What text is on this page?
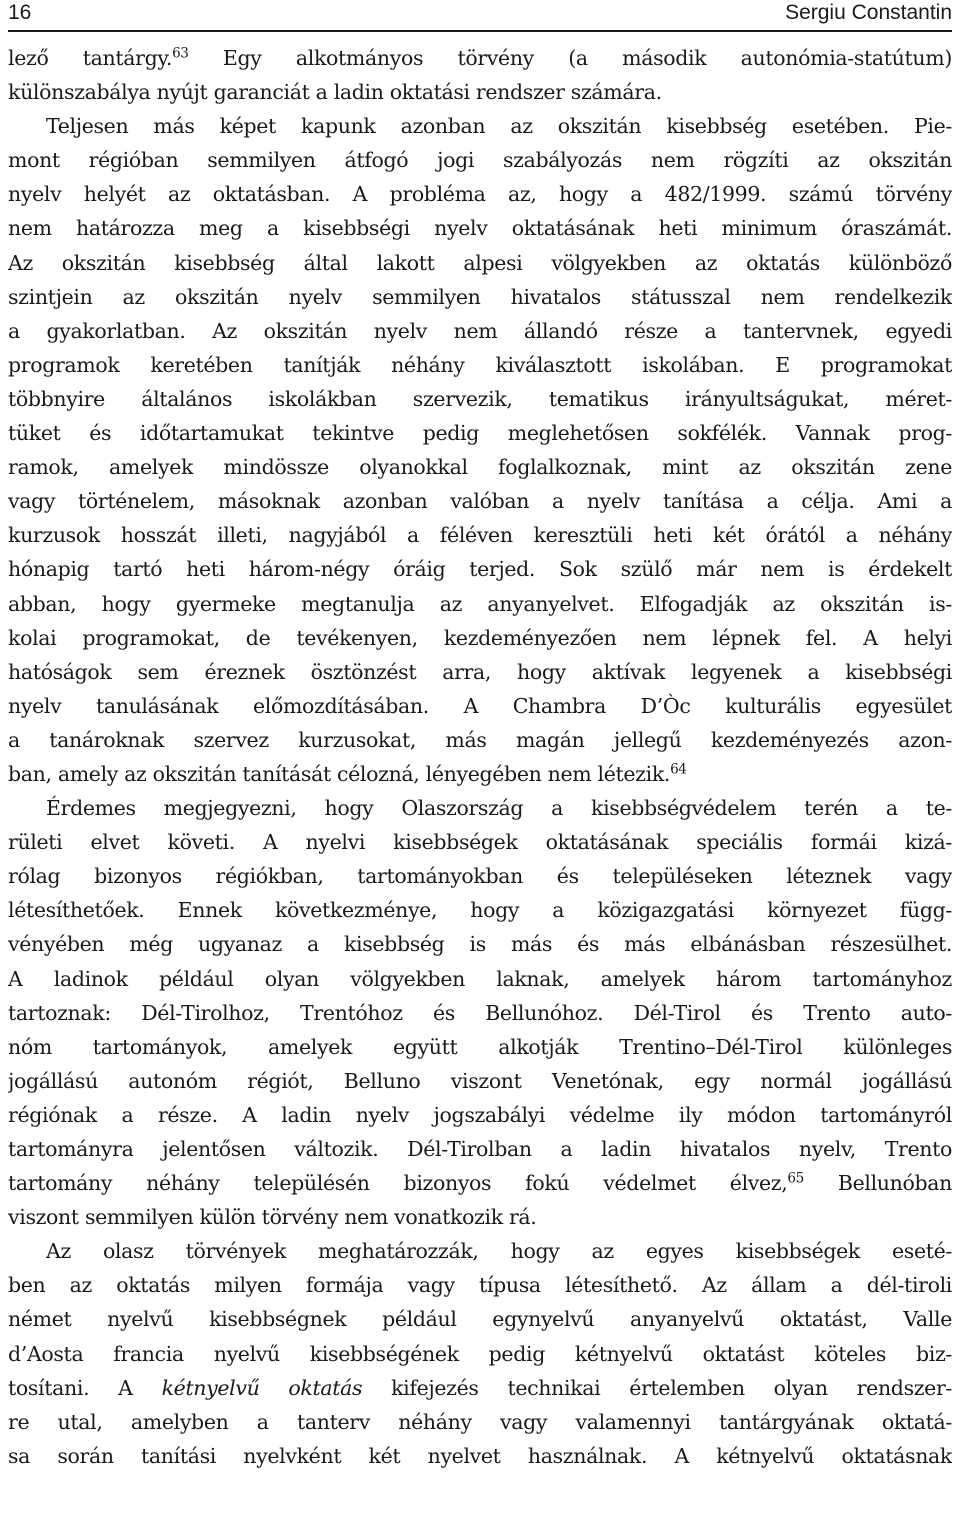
16	Sergiu Constantin
lező tantárgy.$^{63}$ Egy alkotmányos törvény (a második autonómia-statútum)
különszabálya nyújt garanciát a ladin oktatási rendszer számára.
Teljesen más képet kapunk azonban az okszitán kisebbség esetében. Pie-
mont régióban semmilyen átfogó jogi szabályozás nem rögzíti az okszitán
nyelv helyét az oktatásban. A probléma az, hogy a 482/1999. számú törvény
nem határozza meg a kisebbségi nyelv oktatásának heti minimum óraszámát.
Az okszitán kisebbség által lakott alpesi völgyekben az oktatás különböző
szintjein az okszitán nyelv semmilyen hivatalos státusszal nem rendelkezik
a gyakorlatban. Az okszitán nyelv nem állandó része a tantervnek, egyedi
programok keretében tanítják néhány kiválasztott iskolában. E programokat
többnyire általános iskolákban szervezik, tematikus irányultságukat, méret-
tüket és időtartamukat tekintve pedig meglehetősen sokfélék. Vannak prog-
ramok, amelyek mindössze olyanokkal foglalkoznak, mint az okszitán zene
vagy történelem, másoknak azonban valóban a nyelv tanítása a célja. Ami a
kurzusok hosszát illeti, nagyjából a féléven keresztüli heti két órától a néhány
hónapig tartó heti három-négy óráig terjed. Sok szülő már nem is érdekelt
abban, hogy gyermeke megtanulja az anyanyelvet. Elfogadják az okszitán is-
kolai programokat, de tevékenyen, kezdeményezően nem lépnek fel. A helyi
hatóságok sem éreznek ösztönzést arra, hogy aktívak legyenek a kisebbségi
nyelv tanulásának előmozdításában. A Chambra D’Òc kulturális egyesület
a tanároknak szervez kurzusokat, más magán jellegű kezdeményezés azon-
ban, amely az okszitán tanítását célozná, lényegében nem létezik.$^{64}$
Érdemes megjegyezni, hogy Olaszország a kisebbségvédelem terén a te-
rületi elvet követi. A nyelvi kisebbségek oktatásának speciális formái kizá-
rólag bizonyos régiókban, tartományokban és településeken léteznek vagy
létesíthetőek. Ennek következménye, hogy a közigazgatási környezet függ-
vényében még ugyanaz a kisebbség is más és más elbánásban részesülhet.
A ladinok például olyan völgyekben laknak, amelyek három tartományhoz
tartoznak: Dél-Tirolhoz, Trentóhoz és Bellunóhoz. Dél-Tirol és Trento auto-
nóm tartományok, amelyek együtt alkotják Trentino–Dél-Tirol különleges
jogállású autonóm régiót, Belluno viszont Venetónak, egy normál jogállású
régiónak a része. A ladin nyelv jogszabályi védelme ily módon tartományról
tartományra jelentősen változik. Dél-Tirolban a ladin hivatalos nyelv, Trento
tartomány néhány településén bizonyos fokú védelmet élvez,$^{65}$ Bellunóban
viszont semmilyen külön törvény nem vonatkozik rá.
Az olasz törvények meghatározzák, hogy az egyes kisebbségek eseté-
ben az oktatás milyen formája vagy típusa létesíthető. Az állam a dél-tiroli
német nyelvű kisebbségnek például egynyelvű anyanyelvű oktatást, Valle
d’Aosta francia nyelvű kisebbségének pedig kétnyelvű oktatást köteles biz-
tosítani. A kétnyelvű oktatás kifejezés technikai értelemben olyan rendszer-
re utal, amelyben a tanterv néhány vagy valamennyi tantárgyának oktatá-
sa során tanítási nyelvként két nyelvet használnak. A kétnyelvű oktatásnak
